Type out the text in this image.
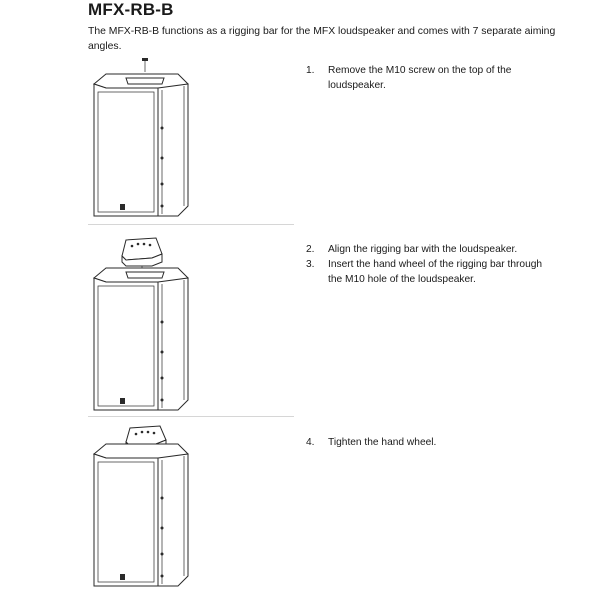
MFX-RB-B
The MFX-RB-B functions as a rigging bar for the MFX loudspeaker and comes with 7 separate aiming angles.
1.	Remove the M10 screw on the top of the loudspeaker.
2.	Align the rigging bar with the loudspeaker.
3.	Insert the hand wheel of the rigging bar through the M10 hole of the loudspeaker.
4.	Tighten the hand wheel.
